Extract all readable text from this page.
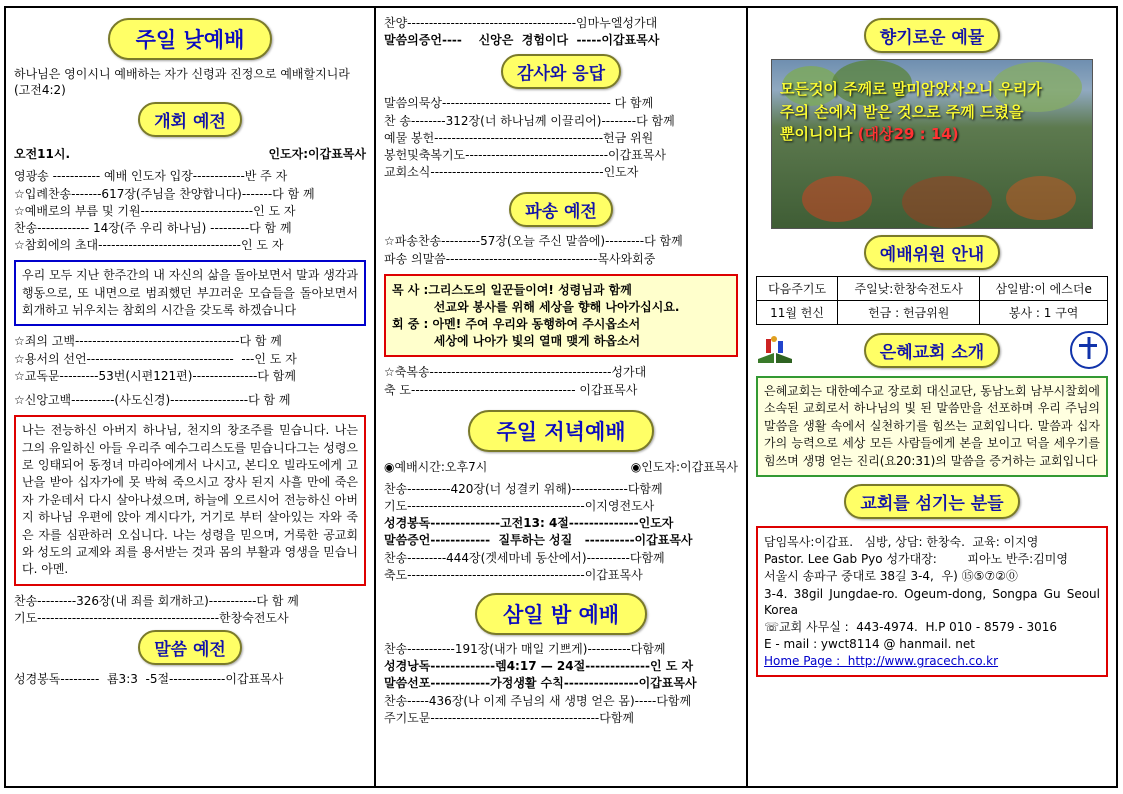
주일 낮예배
하나님은 영이시니 예배하는 자가 신령과 진정으로 예배할지니라(고전4:2)
개회 예전
오전11시.	인도자:이갑표목사
영광송 ----------- 예배 인도자 입장------------반 주 자
☆입례찬송-------617장(주님을 찬양합니다)-------다 함 께
☆예배로의 부름 및 기원--------------------------인 도 자
찬송------------ 14장(주 우리 하나님) ---------다 함 께
☆참회에의 초대---------------------------------인 도 자
우리 모두 지난 한주간의 내 자신의 삶을 돌아보면서 말과 생각과 행동으로, 또 내면으로 범죄했던 부끄러운 모습들을 돌아보면서 회개하고 뉘우치는 참회의 시간을 갖도록 하겠습니다
☆죄의 고백--------------------------------------다 함 께
☆용서의 선언----------------------------------  ---인 도 자
☆교독문---------53번(시편121편)---------------다 함께
☆신앙고백----------(사도신경)------------------다 함 께
나는 전능하신 아버지 하나님, 천지의 창조주를 믿습니다. 나는 그의 유일하신 아들 우리주 예수그리스도를 믿습니다그는 성령으로 잉태되어 동정녀 마리아에게서 나시고, 본디오 빌라도에게 고난을 받아 십자가에 못 박혀 죽으시고 장사 된지 사흘 만에 죽은 자 가운데서 다시 살아나셨으며, 하늘에 오르시어 전능하신 아버지 하나님 우편에 앉아 계시다가, 거기로 부터 살아있는 자와 죽은 자를 심판하러 오십니다. 나는 성령을 믿으며, 거룩한 공교회와 성도의 교제와 죄를 용서받는 것과 몸의 부활과 영생을 믿습니다. 아멘.
찬송---------326장(내 죄를 회개하고)-----------다 함 께
기도------------------------------------------한창숙전도사
말씀 예전
성경봉독---------  룜3:3  -5절-------------이갑표목사
찬양---------------------------------------임마누엘성가대
말씀의증언----    신앙은  경험이다  -----이갑표목사
감사와 응답
말씀의묵상--------------------------------------- 다 함께
찬 송--------312장(너 하나님께 이끌리어)--------다 함께
예물 봉헌---------------------------------------헌금 위원
봉헌및축복기도---------------------------------이갑표목사
교회소식----------------------------------------인도자
파송 예전
☆파송찬송---------57장(오늘 주신 말씀에)---------다 함께
파송 의말씀-----------------------------------목사와회중
목 사 :그리스도의 일꾼들이여! 성령님과 함께
선교와 봉사를 위해 세상을 향해 나아가십시요.
회 중 : 아멘! 주여 우리와 동행하여 주시옵소서
세상에 나아가 빛의 열매 맺게 하옵소서
☆축복송------------------------------------------성가대
축 도-------------------------------------- 이갑표목사
주일 저녁예배
◉예배시간:오후7시	◉인도자:이갑표목사
찬송----------420장(너 성결키 위해)-------------다함께
기도-----------------------------------------이지영전도사
성경봉독--------------고전13: 4절--------------인도자
말씀증언------------  질투하는 성질   ----------이갑표목사
찬송---------444장(겟세마네 동산에서)----------다함께
축도-----------------------------------------이갑표목사
삼일 밤 예배
찬송-----------191장(내가 매일 기쁘게)----------다함께
성경낭독-------------렘4:17 — 24절-------------인 도 자
말씀선포------------가정생활 수칙---------------이갑표목사
찬송-----436장(나 이제 주님의 새 생명 얻은 몸)-----다함께
주기도문---------------------------------------다함께
향기로운 예물
모든것이 주께로 말미암았사오니 우리가
주의 손에서 받은 것으로 주께 드렸을
뿐이니이다 (대상29 : 14)
예배위원 안내
다음주기도	주일낮:한창숙전도사	삼일밤:이 에스더e
11월 헌신	헌금 : 헌금위원	봉사 : 1 구역
은혜교회 소개
은혜교회는 대한예수교 장로회 대신교단, 동남노회 남부시찰회에 소속된 교회로서 하나님의 빛 된 말씀만을 선포하며 우리 주님의 말씀을 생활 속에서 실천하기를 힘쓰는 교회입니다. 말씀과 십자가의 능력으로 세상 모든 사람들에게 본을 보이고 덕을 세우기를 힘쓰며 생명 얻는 진리(요20:31)의 말씀을 증거하는 교회입니다
교회를 섬기는 분들
담임목사:이갑표.   심방, 상담: 한창숙.  교육: 이지영
Pastor. Lee Gab Pyo 성가대장:        피아노 반주:김미영
서울시 송파구 중대로 38길 3-4,  우) ⑮⑤⑦②⓪
3-4. 38gil Jungdae-ro. Ogeum-dong, Songpa Gu Seoul Korea
☏교회 사무실 :  443-4974.  H.P 010 - 8579 - 3016
E - mail : ywct8114 @ hanmail. net
Home Page :  http://www.gracech.co.kr
